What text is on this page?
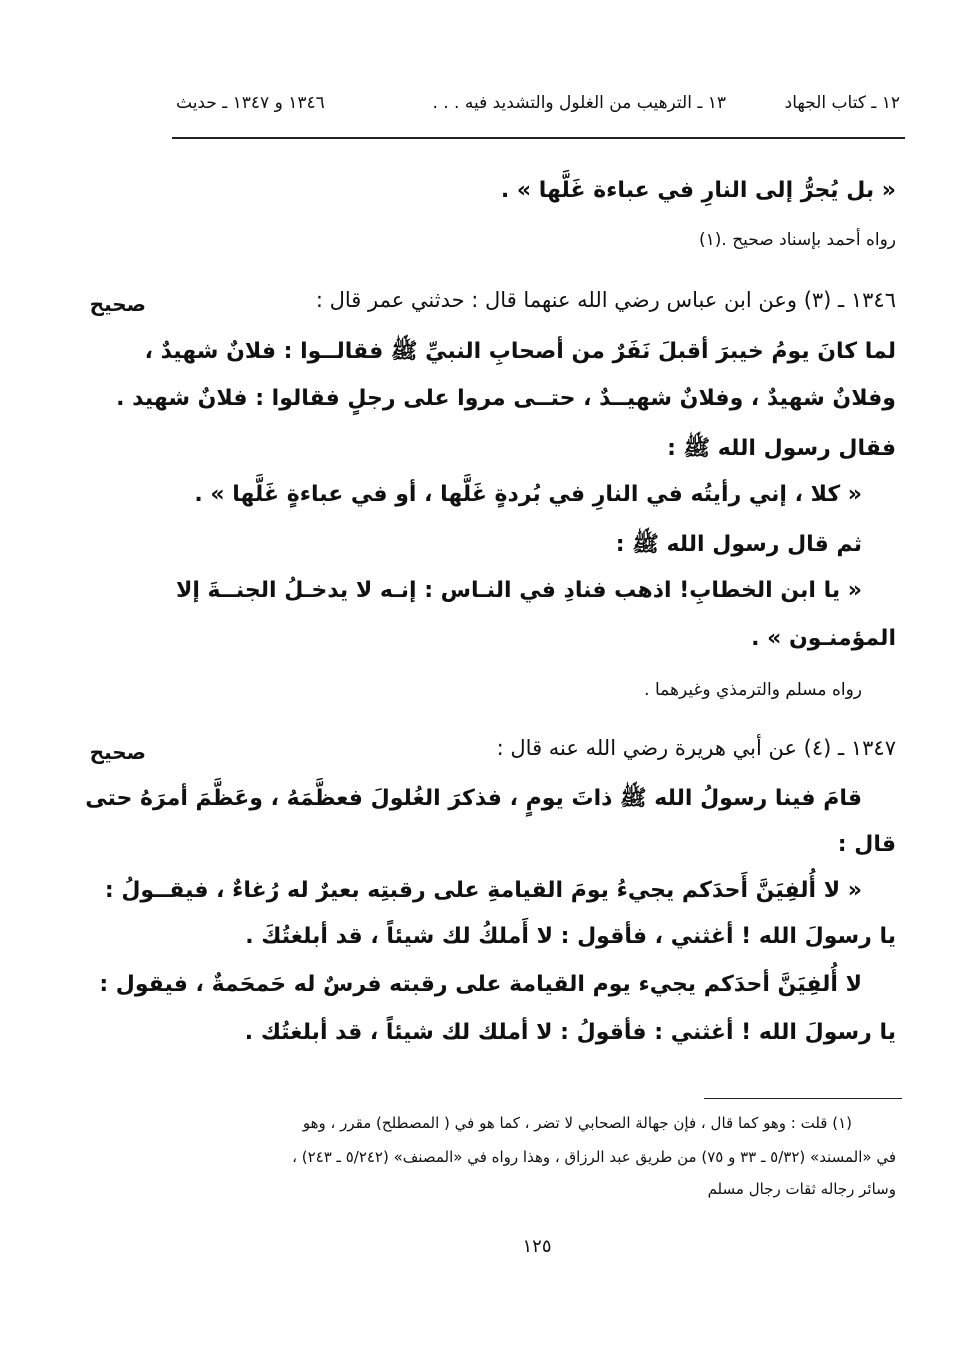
١٢ ـ كتاب الجهاد
١٣ ـ الترهيب من الغلول والتشديد فيه . . .
١٣٤٦ و ١٣٤٧ ـ حديث
« بل يُجرُّ إلى النارِ في عباءة غَلَّها » .
رواه أحمد بإسناد صحيح .(١)
صحيح	١٣٤٦ ـ (٣) وعن ابن عباس رضي الله عنهما قال : حدثني عمر قال :
لما كانَ يومُ خيبرَ أقبلَ نَفَرٌ من أصحابِ النبيِّ ﷺ فقالــوا : فلانٌ شهيدٌ ،
وفلانٌ شهيدٌ ، وفلانٌ شهيــدٌ ، حتــى مروا على رجلٍ فقالوا : فلانٌ شهيد .
فقال رسول الله ﷺ :
« كلا ، إني رأيتُه في النارِ في بُردةٍ غَلَّها ، أو في عباءةٍ غَلَّها » .
ثم قال رسول الله ﷺ :
« يا ابن الخطابِ! اذهب فنادِ في النـاس : إنـه لا يدخـلُ الجنــةَ إلا
المؤمنـون » .
رواه مسلم والترمذي وغيرهما .
صحيح	١٣٤٧ ـ (٤) عن أبي هريرة رضي الله عنه قال :
قامَ فينا رسولُ الله ﷺ ذاتَ يومٍ ، فذكرَ الغُلولَ فعظَّمَهُ ، وعَظَّمَ أمرَهُ حتى
قال :
« لا أُلفِيَنَّ أَحدَكم يجيءُ يومَ القيامةِ على رقبتِه بعيرٌ له رُغاءٌ ، فيقــولُ :
يا رسولَ الله ! أغثني ، فأقول : لا أَملكُ لك شيئاً ، قد أبلغتُكَ .
لا أُلفِيَنَّ أحدَكم يجيء يوم القيامة على رقبته فرسٌ له حَمحَمةٌ ، فيقول :
يا رسولَ الله ! أغثني : فأقولُ : لا أملك لك شيئاً ، قد أبلغتُك .
(١) قلت : وهو كما قال ، فإن جهالة الصحابي لا تضر ، كما هو في ( المصطلح) مقرر ، وهو
في «المسند» (٥/٣٢ ـ ٣٣ و ٧٥) من طريق عبد الرزاق ، وهذا رواه في «المصنف» (٥/٢٤٢ ـ ٢٤٣) ،
وسائر رجاله ثقات رجال مسلم
١٢٥
